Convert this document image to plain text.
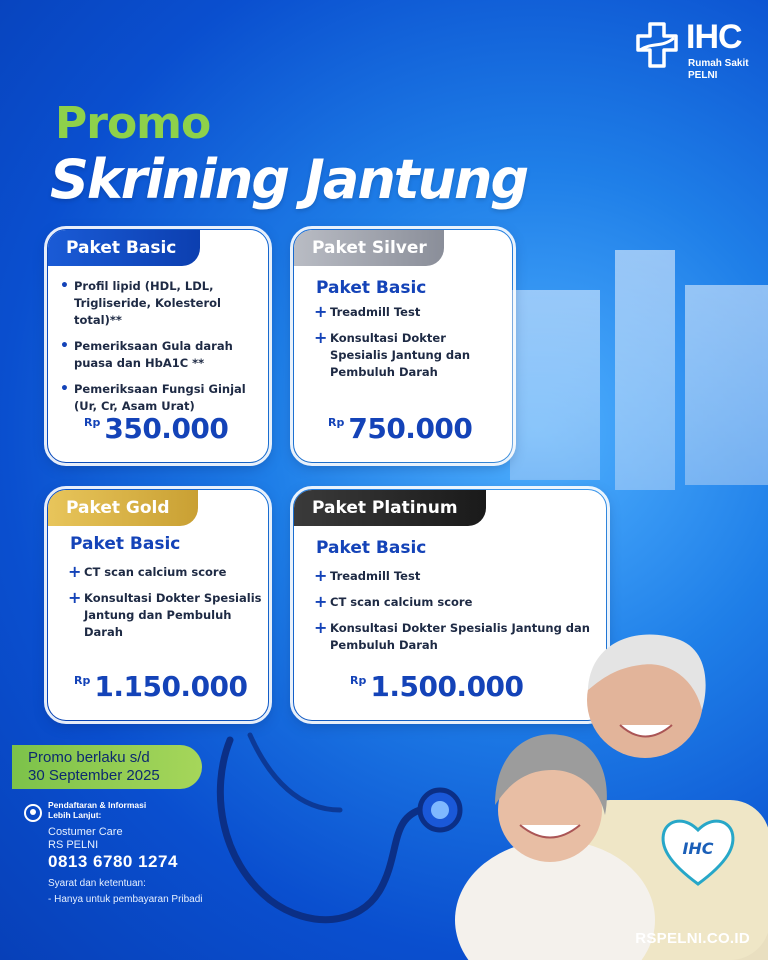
IHC
Rumah Sakit
PELNI
Promo
Skrining Jantung
Paket Basic
• Profil lipid (HDL, LDL, Trigliseride, Kolesterol total)**
• Pemeriksaan Gula darah puasa dan HbA1C **
• Pemeriksaan Fungsi Ginjal (Ur, Cr, Asam Urat)
$^{Rp}$ 350.000
Paket Silver
Paket Basic
+ Treadmill Test
+ Konsultasi Dokter Spesialis Jantung dan Pembuluh Darah
$^{Rp}$ 750.000
Paket Gold
Paket Basic
+ CT scan calcium score
+ Konsultasi Dokter Spesialis Jantung dan Pembuluh Darah
$^{Rp}$ 1.150.000
Paket Platinum
Paket Basic
+ Treadmill Test
+ CT scan calcium score
+ Konsultasi Dokter Spesialis Jantung dan Pembuluh Darah
$^{Rp}$ 1.500.000
Promo berlaku s/d
30 September 2025
Pendaftaran & Informasi
Lebih Lanjut:
Costumer Care
RS PELNI
0813 6780 1274
Syarat dan ketentuan:
- Hanya untuk pembayaran Pribadi
IHC
RSPELNI.CO.ID
